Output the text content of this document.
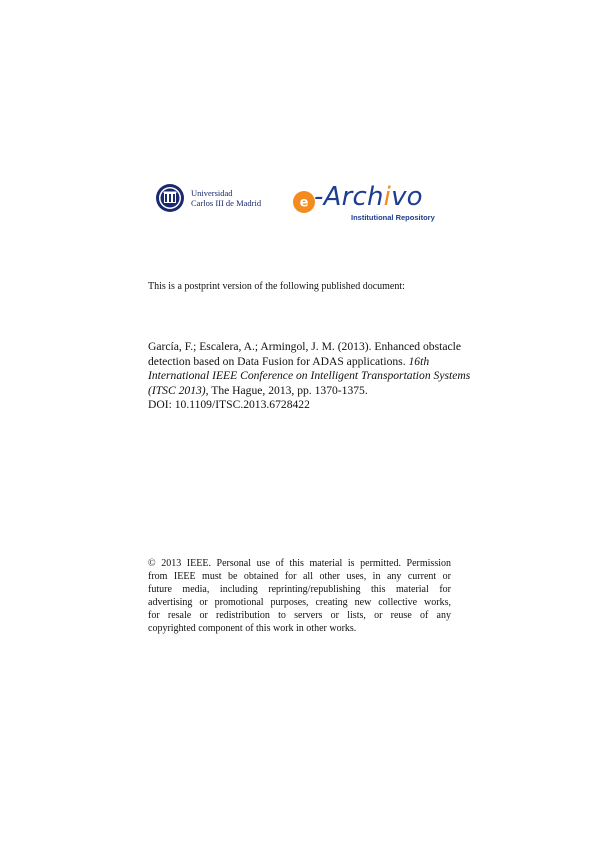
Universidad
Carlos III de Madrid	e -Archivo
Institutional Repository
This is a postprint version of the following published document:
García, F.; Escalera, A.; Armingol, J. M. (2013). Enhanced obstacle
detection based on Data Fusion for ADAS applications. 16th
International IEEE Conference on Intelligent Transportation Systems
(ITSC 2013), The Hague, 2013, pp. 1370-1375.
DOI: 10.1109/ITSC.2013.6728422
© 2013 IEEE. Personal use of this material is permitted. Permission
from IEEE must be obtained for all other uses, in any current or
future media, including reprinting/republishing this material for
advertising or promotional purposes, creating new collective works,
for resale or redistribution to servers or lists, or reuse of any
copyrighted component of this work in other works.
